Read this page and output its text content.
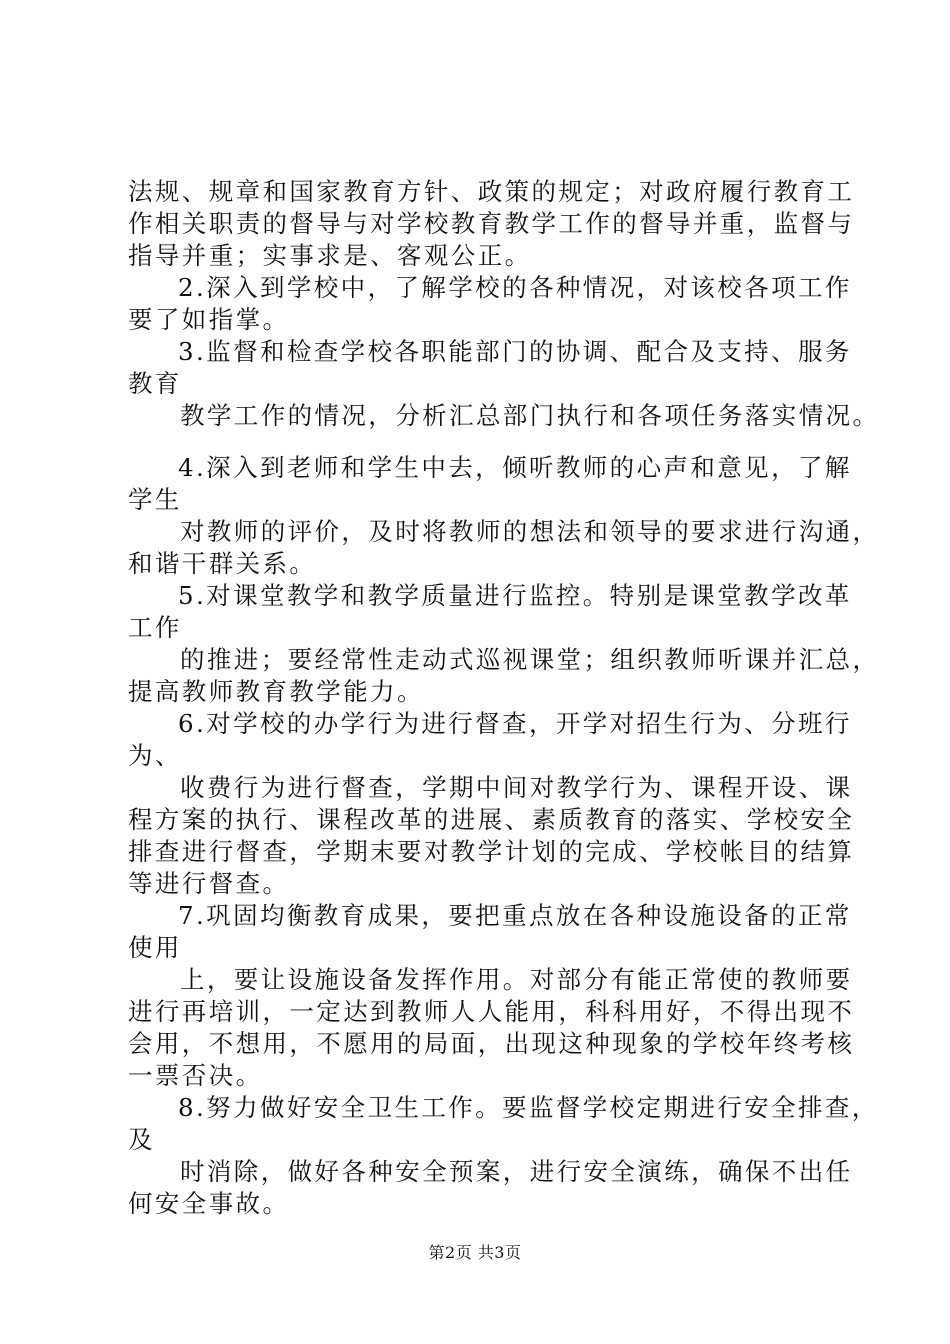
法规、规章和国家教育方针、政策的规定；对政府履行教育工
作相关职责的督导与对学校教育教学工作的督导并重，监督与
指导并重；实事求是、客观公正。
2.深入到学校中，了解学校的各种情况，对该校各项工作
要了如指掌。
3.监督和检查学校各职能部门的协调、配合及支持、服务
教育
教学工作的情况，分析汇总部门执行和各项任务落实情况。
4.深入到老师和学生中去，倾听教师的心声和意见，了解
学生
对教师的评价，及时将教师的想法和领导的要求进行沟通，
和谐干群关系。
5.对课堂教学和教学质量进行监控。特别是课堂教学改革
工作
的推进；要经常性走动式巡视课堂；组织教师听课并汇总，
提高教师教育教学能力。
6.对学校的办学行为进行督查，开学对招生行为、分班行
为、
收费行为进行督查，学期中间对教学行为、课程开设、课
程方案的执行、课程改革的进展、素质教育的落实、学校安全
排查进行督查，学期末要对教学计划的完成、学校帐目的结算
等进行督查。
7.巩固均衡教育成果，要把重点放在各种设施设备的正常
使用
上，要让设施设备发挥作用。对部分有能正常使的教师要
进行再培训，一定达到教师人人能用，科科用好，不得出现不
会用，不想用，不愿用的局面，出现这种现象的学校年终考核
一票否决。
8.努力做好安全卫生工作。要监督学校定期进行安全排查，
及
时消除，做好各种安全预案，进行安全演练，确保不出任
何安全事故。
第2页 共3页
